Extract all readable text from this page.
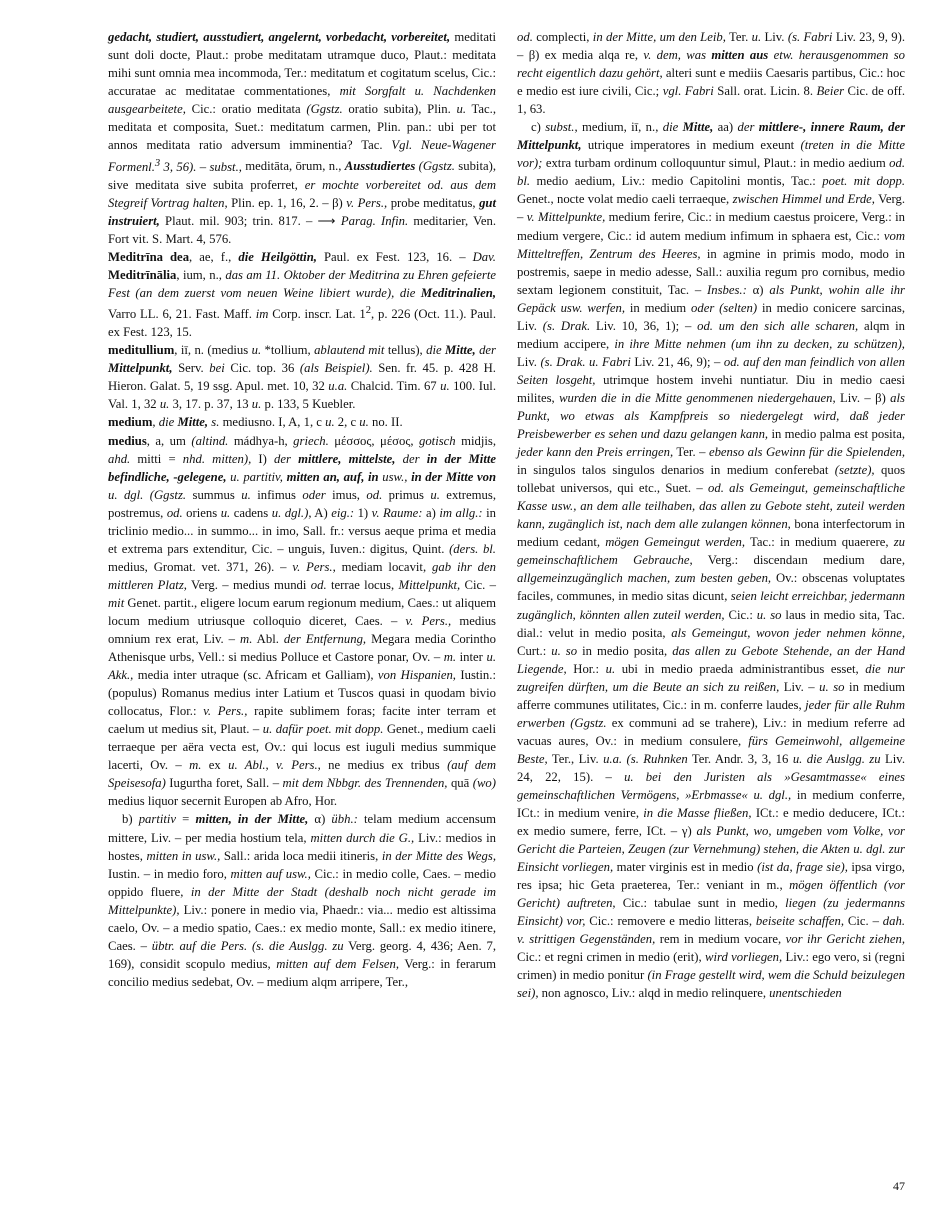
gedacht, studiert, ausstudiert, angelernt, vorbedacht, vorbereitet, meditati sunt doli docte, Plaut.: probe meditatam utramque duco, Plaut.: meditata mihi sunt omnia mea incommoda, Ter.: meditatum et cogitatum scelus, Cic.: accuratae ac meditatae commentationes, mit Sorgfalt u. Nachdenken ausgearbeitete, Cic.: oratio meditata (Ggstz. oratio subita), Plin. u. Tac., meditata et composita, Suet.: meditatum carmen, Plin. pan.: ubi per tot annos meditata ratio adversum imminentia? Tac. Vgl. Neue-Wagener Formenl.$^3$ 3, 56). – subst., meditāta, ōrum, n., Ausstudiertes (Ggstz. subita), sive meditata sive subita proferret, er mochte vorbereitet od. aus dem Stegreif Vortrag halten, Plin. ep. 1, 16, 2. – β) v. Pers., probe meditatus, gut instruiert, Plaut. mil. 903; trin. 817. – ⟶ Parag. Infin. meditarier, Ven. Fort vit. S. Mart. 4, 576.

Meditrīna dea, ae, f., die Heilgöttin, Paul. ex Fest. 123, 16. – Dav. Meditrīnālia, ium, n., das am 11. Oktober der Meditrina zu Ehren gefeierte Fest (an dem zuerst vom neuen Weine libiert wurde), die Meditrinalien, Varro LL. 6, 21. Fast. Maff. im Corp. inscr. Lat. $1^2$, p. 226 (Oct. 11.). Paul. ex Fest. 123, 15.

meditullium, iī, n. (medius u. *tollium, ablautend mit tellus), die Mitte, der Mittelpunkt, Serv. bei Cic. top. 36 (als Beispiel). Sen. fr. 45. p. 428 H. Hieron. Galat. 5, 19 ssg. Apul. met. 10, 32 u.a. Chalcid. Tim. 67 u. 100. Iul. Val. 1, 32 u. 3, 17. p. 37, 13 u. p. 133, 5 Kuebler.

medium, die Mitte, s. mediusno. I, A, 1, c u. 2, c u. no. II.

medius, a, um (altind. mádhya-h, griech. μέσσος, μέσος, gotisch midjis, ahd. mitti = nhd. mitten), I) der mittlere, mittelste, der in der Mitte befindliche, -gelegene, u. partitiv, mitten an, auf, in usw., in der Mitte von u. dgl. (Ggstz. summus u. infimus oder imus, od. primus u. extremus, postremus, od. oriens u. cadens u. dgl.), A) eig.: 1) v. Raume: a) im allg.: in triclinio medio... in summo... in imo, Sall. fr.: versus aeque prima et media et extrema pars extenditur, Cic. – unguis, Iuven.: digitus, Quint. (ders. bl. medius, Gromat. vet. 371, 26). – v. Pers., mediam locavit, gab ihr den mittleren Platz, Verg. – medius mundi od. terrae locus, Mittelpunkt, Cic. – mit Genet. partit., eligere locum earum regionum medium, Caes.: ut aliquem locum medium utriusque colloquio diceret, Caes. – v. Pers., medius omnium rex erat, Liv. – m. Abl. der Entfernung, Megara media Corintho Athenisque urbs, Vell.: si medius Polluce et Castore ponar, Ov. – m. inter u. Akk., media inter utraque (sc. Africam et Galliam), von Hispanien, Iustin.: (populus) Romanus medius inter Latium et Tuscos quasi in quodam bivio collocatus, Flor.: v. Pers., rapite sublimem foras; facite inter terram et caelum ut medius sit, Plaut. – u. dafür poet. mit dopp. Genet., medium caeli terraeque per aëra vecta est, Ov.: qui locus est iuguli medius summique lacerti, Ov. – m. ex u. Abl., v. Pers., ne medius ex tribus (auf dem Speisesofa) Iugurtha foret, Sall. – mit dem Nbbgr. des Trennenden, quā (wo) medius liquor secernit Europen ab Afro, Hor.

b) partitiv = mitten, in der Mitte, α) übh.: telam medium accensum mittere, Liv. – per media hostium tela, mitten durch die G., Liv.: medios in hostes, mitten in usw., Sall.: arida loca medii itineris, in der Mitte des Wegs, Iustin. – in medio foro, mitten auf usw., Cic.: in medio colle, Caes. – medio oppido fluere, in der Mitte der Stadt (deshalb noch nicht gerade im Mittelpunkte), Liv.: ponere in medio via, Phaedr.: via... medio est altissima caelo, Ov. – a medio spatio, Caes.: ex medio monte, Sall.: ex medio itinere, Caes. – übtr. auf die Pers. (s. die Auslgg. zu Verg. georg. 4, 436; Aen. 7, 169), considit scopulo medius, mitten auf dem Felsen, Verg.: in ferarum concilio medius sedebat, Ov. – medium alqm arripere, Ter.,

od. complecti, in der Mitte, um den Leib, Ter. u. Liv. (s. Fabri Liv. 23, 9, 9). – β) ex media alqa re, v. dem, was mitten aus etw. herausgenommen so recht eigentlich dazu gehört, alteri sunt e mediis Caesaris partibus, Cic.: hoc e medio est iure civili, Cic.; vgl. Fabri Sall. orat. Licin. 8. Beier Cic. de off. 1, 63.

c) subst., medium, iī, n., die Mitte, aa) der mittlere-, innere Raum, der Mittelpunkt, utrique imperatores in medium exeunt (treten in die Mitte vor); extra turbam ordinum colloquuntur simul, Plaut.: in medio aedium od. bl. medio aedium, Liv.: medio Capitolini montis, Tac.: poet. mit dopp. Genet., nocte volat medio caeli terraeque, zwischen Himmel und Erde, Verg. – v. Mittelpunkte, medium ferire, Cic.: in medium caestus proicere, Verg.: in medium vergere, Cic.: id autem medium infimum in sphaera est, Cic.: vom Mitteltreffen, Zentrum des Heeres, in agmine in primis modo, modo in postremis, saepe in medio adesse, Sall.: auxilia regum pro cornibus, medio sextam legionem constituit, Tac. – Insbes.: α) als Punkt, wohin alle ihr Gepäck usw. werfen, in medium oder (selten) in medio conicere sarcinas, Liv. (s. Drak. Liv. 10, 36, 1); – od. um den sich alle scharen, alqm in medium accipere, in ihre Mitte nehmen (um ihn zu decken, zu schützen), Liv. (s. Drak. u. Fabri Liv. 21, 46, 9); – od. auf den man feindlich von allen Seiten losgeht, utrimque hostem invehi nuntiatur. Diu in medio caesi milites, wurden die in die Mitte genommenen niedergehauen, Liv. – β) als Punkt, wo etwas als Kampfpreis so niedergelegt wird, daß jeder Preisbewerber es sehen und dazu gelangen kann, in medio palma est posita, jeder kann den Preis erringen, Ter. – ebenso als Gewinn für die Spielenden, in singulos talos singulos denarios in medium conferebat (setzte), quos tollebat universos, qui etc., Suet. – od. als Gemeingut, gemeinschaftliche Kasse usw., an dem alle teilhaben, das allen zu Gebote steht, zuteil werden kann, zugänglich ist, nach dem alle zulangen können, bona interfectorum in medium cedant, mögen Gemeingut werden, Tac.: in medium quaerere, zu gemeinschaftlichem Gebrauche, Verg.: discendaın medium dare, allgemeinzugänglich machen, zum besten geben, Ov.: obscenas voluptates faciles, communes, in medio sitas dicunt, seien leicht erreichbar, jedermann zugänglich, könnten allen zuteil werden, Cic.: u. so laus in medio sita, Tac. dial.: velut in medio posita, als Gemeingut, wovon jeder nehmen könne, Curt.: u. so in medio posita, das allen zu Gebote Stehende, an der Hand Liegende, Hor.: u. ubi in medio praeda administrantibus esset, die nur zugreifen dürften, um die Beute an sich zu reißen, Liv. – u. so in medium afferre communes utilitates, Cic.: in m. conferre laudes, jeder für alle Ruhm erwerben (Ggstz. ex communi ad se trahere), Liv.: in medium referre ad vacuas aures, Ov.: in medium consulere, fürs Gemeinwohl, allgemeine Beste, Ter., Liv. u.a. (s. Ruhnken Ter. Andr. 3, 3, 16 u. die Auslgg. zu Liv. 24, 22, 15). – u. bei den Juristen als »Gesamtmasse« eines gemeinschaftlichen Vermögens, »Erbmasse« u. dgl., in medium conferre, ICt.: in medium venire, in die Masse fließen, ICt.: e medio deducere, ICt.: ex medio sumere, ferre, ICt. – γ) als Punkt, wo, umgeben vom Volke, vor Gericht die Parteien, Zeugen (zur Vernehmung) stehen, die Akten u. dgl. zur Einsicht vorliegen, mater virginis est in medio (ist da, frage sie), ipsa virgo, res ipsa; hic Geta praeterea, Ter.: veniant in m., mögen öffentlich (vor Gericht) auftreten, Cic.: tabulae sunt in medio, liegen (zu jedermanns Einsicht) vor, Cic.: removere e medio litteras, beiseite schaffen, Cic. – dah. v. strittigen Gegenständen, rem in medium vocare, vor ihr Gericht ziehen, Cic.: et regni crimen in medio (erit), wird vorliegen, Liv.: ego vero, si (regni crimen) in medio ponitur (in Frage gestellt wird, wem die Schuld beizulegen sei), non agnosco, Liv.: alqd in medio relinquere, unentschieden

47
